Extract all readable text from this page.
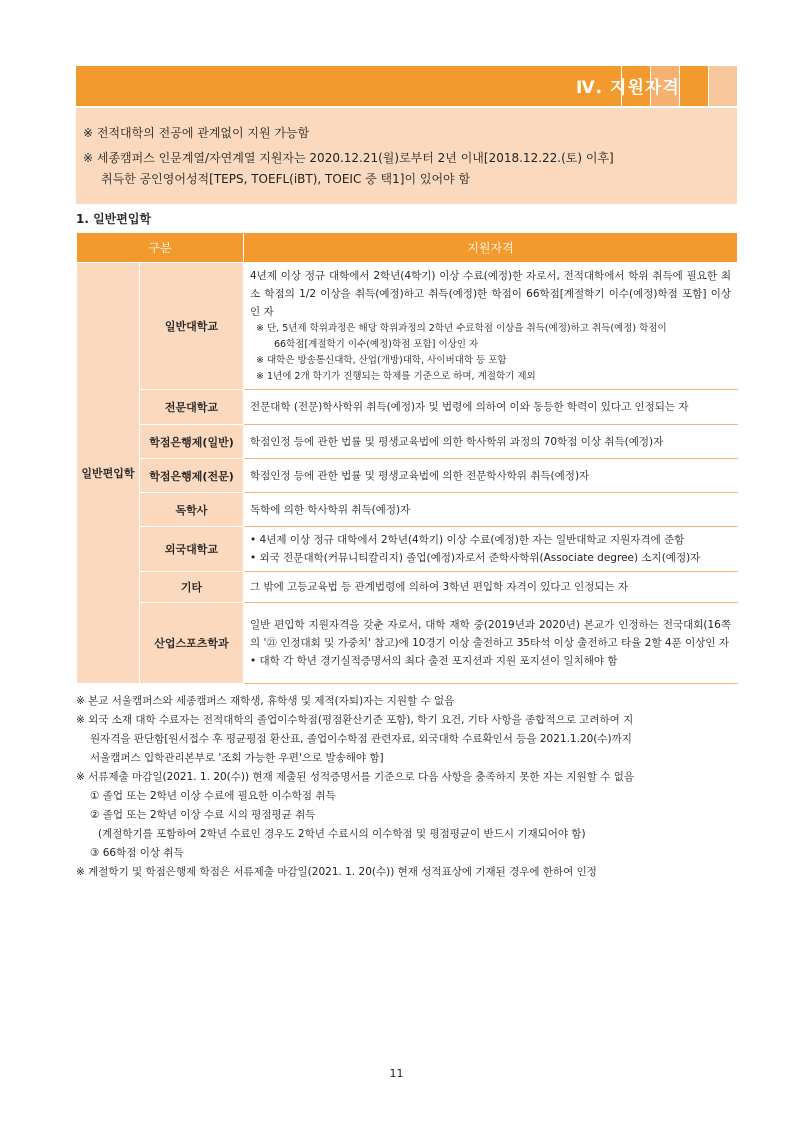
Ⅳ. 지원자격

※ 전적대학의 전공에 관계없이 지원 가능함

※ 세종캠퍼스 인문계열/자연계열 지원자는 2020.12.21(월)로부터 2년 이내[2018.12.22.(토) 이후]

취득한 공인영어성적[TEPS, TOEFL(iBT), TOEIC 중 택1]이 있어야 함

1. 일반편입학
구분		지원자격
일반편입학	일반대학교	4년제 이상 정규 대학에서 2학년(4학기) 이상 수료(예정)한 자로서, 전적대학에서 학위 취득에 필요한 최소 학점의 1/2 이상을 취득(예정)하고 취득(예정)한 학점이 66학점[계절학기 이수(예정)학점 포함] 이상인 자
※ 단, 5년제 학위과정은 해당 학위과정의 2학년 수료학점 이상을 취득(예정)하고 취득(예정) 학점이
66학점[계절학기 이수(예정)학점 포함] 이상인 자
※ 대학은 방송통신대학, 산업(개방)대학, 사이버대학 등 포함
※ 1년에 2개 학기가 진행되는 학제를 기준으로 하며, 계절학기 제외

	전문대학교	전문대학 (전문)학사학위 취득(예정)자 및 법령에 의하여 이와 동등한 학력이 있다고 인정되는 자
	학점은행제(일반)	학점인정 등에 관한 법률 및 평생교육법에 의한 학사학위 과정의 70학점 이상 취득(예정)자
	학점은행제(전문)	학점인정 등에 관한 법률 및 평생교육법에 의한 전문학사학위 취득(예정)자
	독학사	독학에 의한 학사학위 취득(예정)자
	외국대학교	• 4년제 이상 정규 대학에서 2학년(4학기) 이상 수료(예정)한 자는 일반대학교 지원자격에 준함
• 외국 전문대학(커뮤니티칼리지) 졸업(예정)자로서 준학사학위(Associate degree) 소지(예정)자

	기타	그 밖에 고등교육법 등 관계법령에 의하여 3학년 편입학 자격이 있다고 인정되는 자
	산업스포츠학과	일반 편입학 지원자격을 갖춘 자로서, 대학 재학 중(2019년과 2020년) 본교가 인정하는 전국대회(16쪽의 '㉑ 인정대회 및 가중치' 참고)에 10경기 이상 출전하고 35타석 이상 출전하고 타율 2할 4푼 이상인 자
• 대학 각 학년 경기실적증명서의 최다 출전 포지션과 지원 포지션이 일치해야 함
※ 본교 서울캠퍼스와 세종캠퍼스 재학생, 휴학생 및 제적(자퇴)자는 지원할 수 없음
※ 외국 소재 대학 수료자는 전적대학의 졸업이수학점(평점환산기준 포함), 학기 요건, 기타 사항을 종합적으로 고려하여 지
원자격을 판단함[원서접수 후 평균평점 환산표, 졸업이수학점 관련자료, 외국대학 수료확인서 등을 2021.1.20(수)까지
서울캠퍼스 입학관리본부로 '조회 가능한 우편'으로 발송해야 함]
※ 서류제출 마감일(2021. 1. 20(수)) 현재 제출된 성적증명서를 기준으로 다음 사항을 충족하지 못한 자는 지원할 수 없음
① 졸업 또는 2학년 이상 수료에 필요한 이수학점 취득
② 졸업 또는 2학년 이상 수료 시의 평점평균 취득
(계절학기를 포함하여 2학년 수료인 경우도 2학년 수료시의 이수학점 및 평점평균이 반드시 기재되어야 함)
③ 66학점 이상 취득
※ 계절학기 및 학점은행제 학점은 서류제출 마감일(2021. 1. 20(수)) 현재 성적표상에 기재된 경우에 한하여 인정
11
